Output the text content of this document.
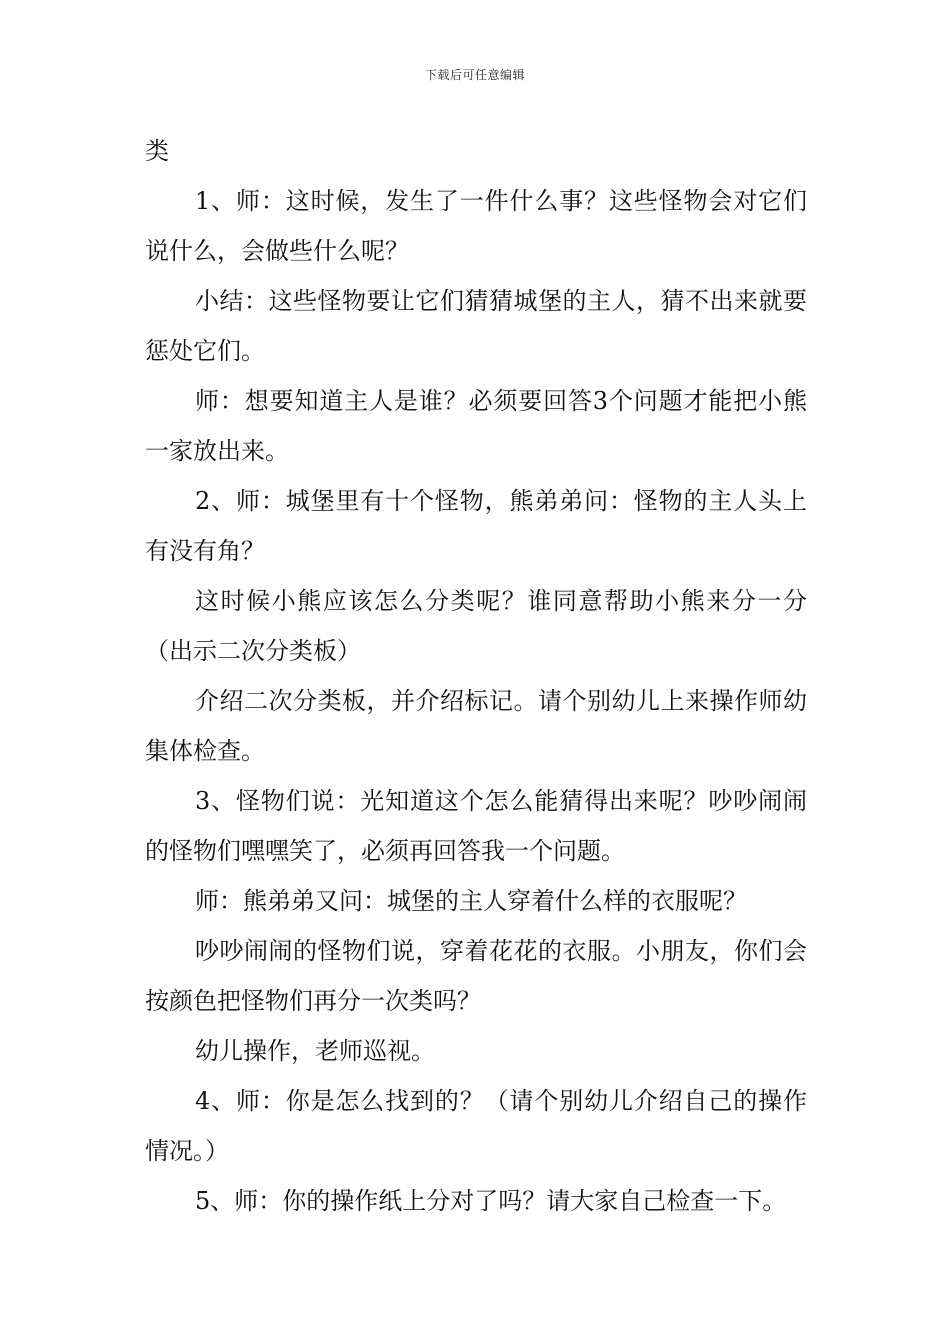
下载后可任意编辑

类

1、师：这时候，发生了一件什么事？这些怪物会对它们说什么，会做些什么呢？

小结：这些怪物要让它们猜猜城堡的主人，猜不出来就要惩处它们。

师：想要知道主人是谁？必须要回答3个问题才能把小熊一家放出来。

2、师：城堡里有十个怪物，熊弟弟问：怪物的主人头上有没有角？

这时候小熊应该怎么分类呢？谁同意帮助小熊来分一分（出示二次分类板）

介绍二次分类板，并介绍标记。请个别幼儿上来操作师幼集体检查。

3、怪物们说：光知道这个怎么能猜得出来呢？吵吵闹闹的怪物们嘿嘿笑了，必须再回答我一个问题。

师：熊弟弟又问：城堡的主人穿着什么样的衣服呢？

吵吵闹闹的怪物们说，穿着花花的衣服。小朋友，你们会按颜色把怪物们再分一次类吗？

幼儿操作，老师巡视。

4、师：你是怎么找到的？（请个别幼儿介绍自己的操作情况。）

5、师：你的操作纸上分对了吗？请大家自己检查一下。
